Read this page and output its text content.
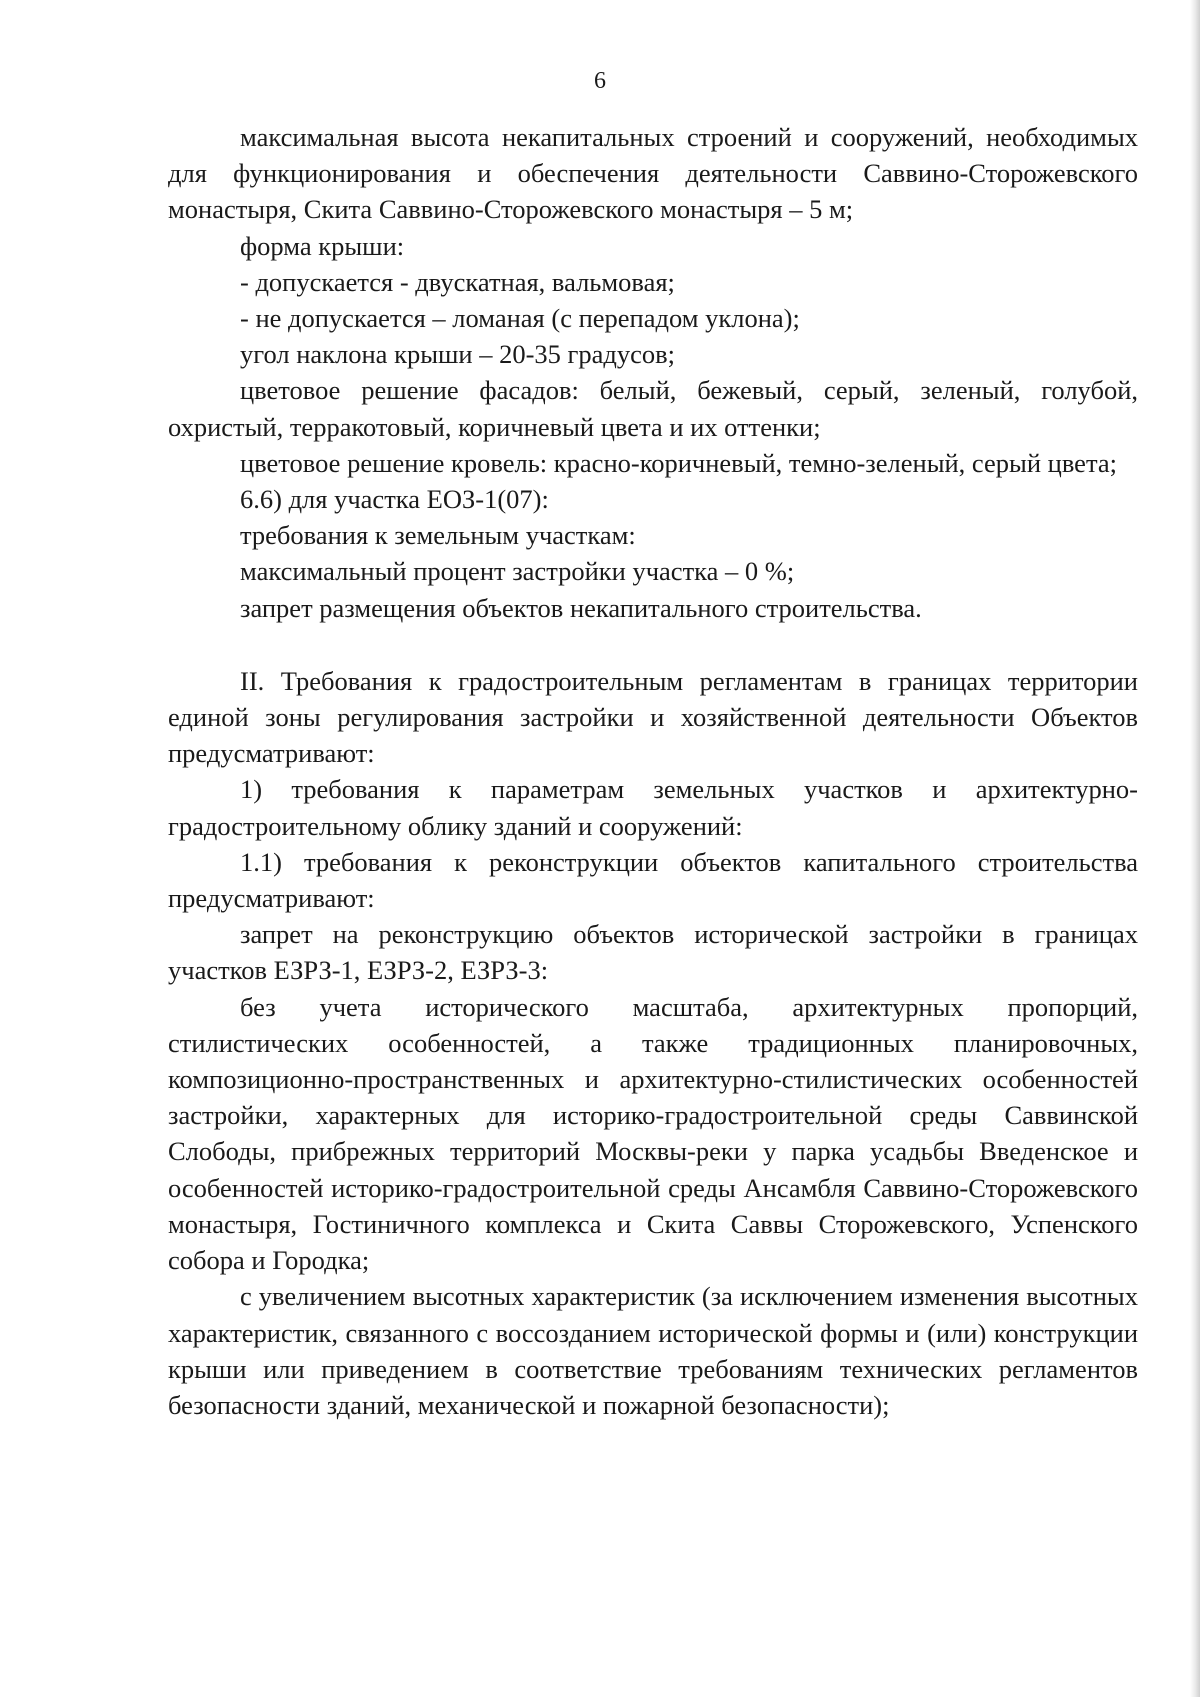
6

максимальная высота некапитальных строений и сооружений, необходимых для функционирования и обеспечения деятельности Саввино-Сторожевского монастыря, Скита Саввино-Сторожевского монастыря – 5 м;

форма крыши:

- допускается - двускатная, вальмовая;

- не допускается – ломаная (с перепадом уклона);

угол наклона крыши – 20-35 градусов;

цветовое решение фасадов: белый, бежевый, серый, зеленый, голубой, охристый, терракотовый, коричневый цвета и их оттенки;

цветовое решение кровель: красно-коричневый, темно-зеленый, серый цвета;

6.6) для участка ЕОЗ-1(07):

требования к земельным участкам:

максимальный процент застройки участка – 0 %;

запрет размещения объектов некапитального строительства.

II. Требования к градостроительным регламентам в границах территории единой зоны регулирования застройки и хозяйственной деятельности Объектов предусматривают:

1) требования к параметрам земельных участков и архитектурно-градостроительному облику зданий и сооружений:

1.1) требования к реконструкции объектов капитального строительства предусматривают:

запрет на реконструкцию объектов исторической застройки в границах участков ЕЗРЗ-1, ЕЗРЗ-2, ЕЗРЗ-3:

без учета исторического масштаба, архитектурных пропорций, стилистических особенностей, а также традиционных планировочных, композиционно-пространственных и архитектурно-стилистических особенностей застройки, характерных для историко-градостроительной среды Саввинской Слободы, прибрежных территорий Москвы-реки у парка усадьбы Введенское и особенностей историко-градостроительной среды Ансамбля Саввино-Сторожевского монастыря, Гостиничного комплекса и Скита Саввы Сторожевского, Успенского собора и Городка;

с увеличением высотных характеристик (за исключением изменения высотных характеристик, связанного с воссозданием исторической формы и (или) конструкции крыши или приведением в соответствие требованиям технических регламентов безопасности зданий, механической и пожарной безопасности);
